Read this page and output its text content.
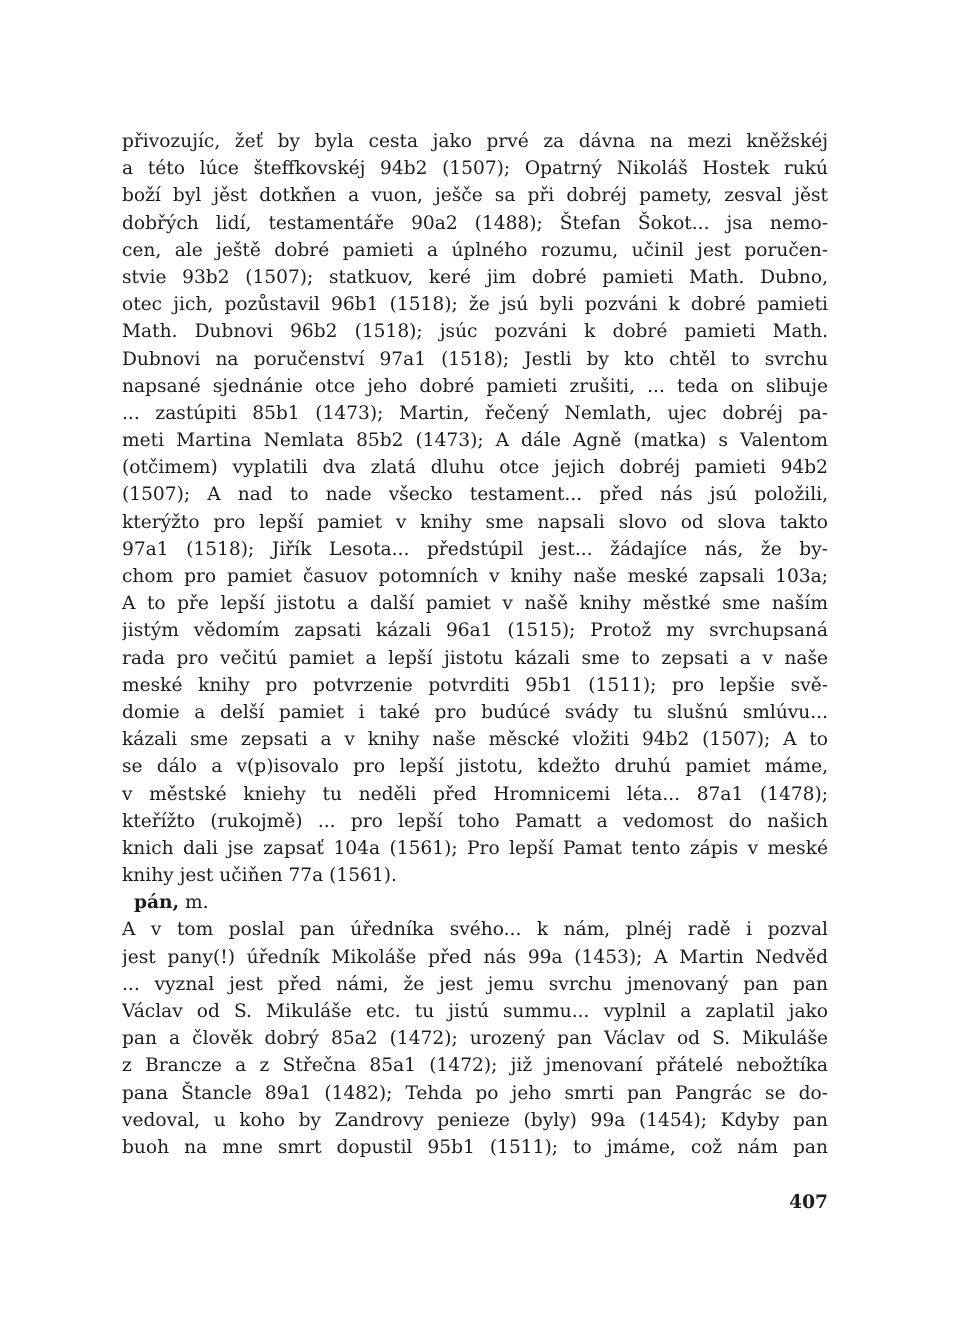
přivozujíc, žeť by byla cesta jako prvé za dávna na mezi kněžskéj
a této lúce šteffkovskéj 94b2 (1507); Opatrný Nikoláš Hostek rukú
boží byl jěst dotkňen a vuon, ješče sa při dobréj pamety, zesval jěst
dobřých lidí, testamentáře 90a2 (1488); Štefan Šokot... jsa nemo-
cen, ale ještě dobré pamieti a úplného rozumu, učinil jest poručen-
stvie 93b2 (1507); statkuov, keré jim dobré pamieti Math. Dubno,
otec jich, pozůstavil 96b1 (1518); že jsú byli pozváni k dobré pamieti
Math. Dubnovi 96b2 (1518); jsúc pozváni k dobré pamieti Math.
Dubnovi na poručenství 97a1 (1518); Jestli by kto chtěl to svrchu
napsané sjednánie otce jeho dobré pamieti zrušiti, ... teda on slibuje
... zastúpiti 85b1 (1473); Martin, řečený Nemlath, ujec dobréj pa-
meti Martina Nemlata 85b2 (1473); A dále Agně (matka) s Valentom
(otčimem) vyplatili dva zlatá dluhu otce jejich dobréj pamieti 94b2
(1507); A nad to nade všecko testament... před nás jsú položili,
kterýžto pro lepší pamiet v knihy sme napsali slovo od slova takto
97a1 (1518); Jiřík Lesota... předstúpil jest... žádajíce nás, že by-
chom pro pamiet časuov potomních v knihy naše meské zapsali 103a;
A to pře lepší jistotu a další pamiet v našě knihy městké sme naším
jistým vědomím zapsati kázali 96a1 (1515); Protož my svrchupsaná
rada pro večitú pamiet a lepší jistotu kázali sme to zepsati a v naše
meské knihy pro potvrzenie potvrditi 95b1 (1511); pro lepšie svě-
domie a delší pamiet i také pro budúcé svády tu slušnú smlúvu...
kázali sme zepsati a v knihy naše měscké vložiti 94b2 (1507); A to
se dálo a v(p)isovalo pro lepší jistotu, kdežto druhú pamiet máme,
v městské kniehy tu neděli před Hromnicemi léta... 87a1 (1478);
kteřížto (rukojmě) ... pro lepší toho Pamatt a vedomost do našich
knich dali jse zapsať 104a (1561); Pro lepší Pamat tento zápis v meské
knihy jest učiňen 77a (1561).
pán, m.
A v tom poslal pan úředníka svého... k nám, plnéj radě i pozval
jest pany(!) úředník Mikoláše před nás 99a (1453); A Martin Nedvěd
... vyznal jest před námi, že jest jemu svrchu jmenovaný pan pan
Václav od S. Mikuláše etc. tu jistú summu... vyplnil a zaplatil jako
pan a člověk dobrý 85a2 (1472); urozený pan Václav od S. Mikuláše
z Brancze a z Střečna 85a1 (1472); již jmenovaní přátelé nebožtíka
pana Štancle 89a1 (1482); Tehda po jeho smrti pan Pangrác se do-
vedoval, u koho by Zandrovy penieze (byly) 99a (1454); Kdyby pan
buoh na mne smrt dopustil 95b1 (1511); to jmáme, což nám pan
407
